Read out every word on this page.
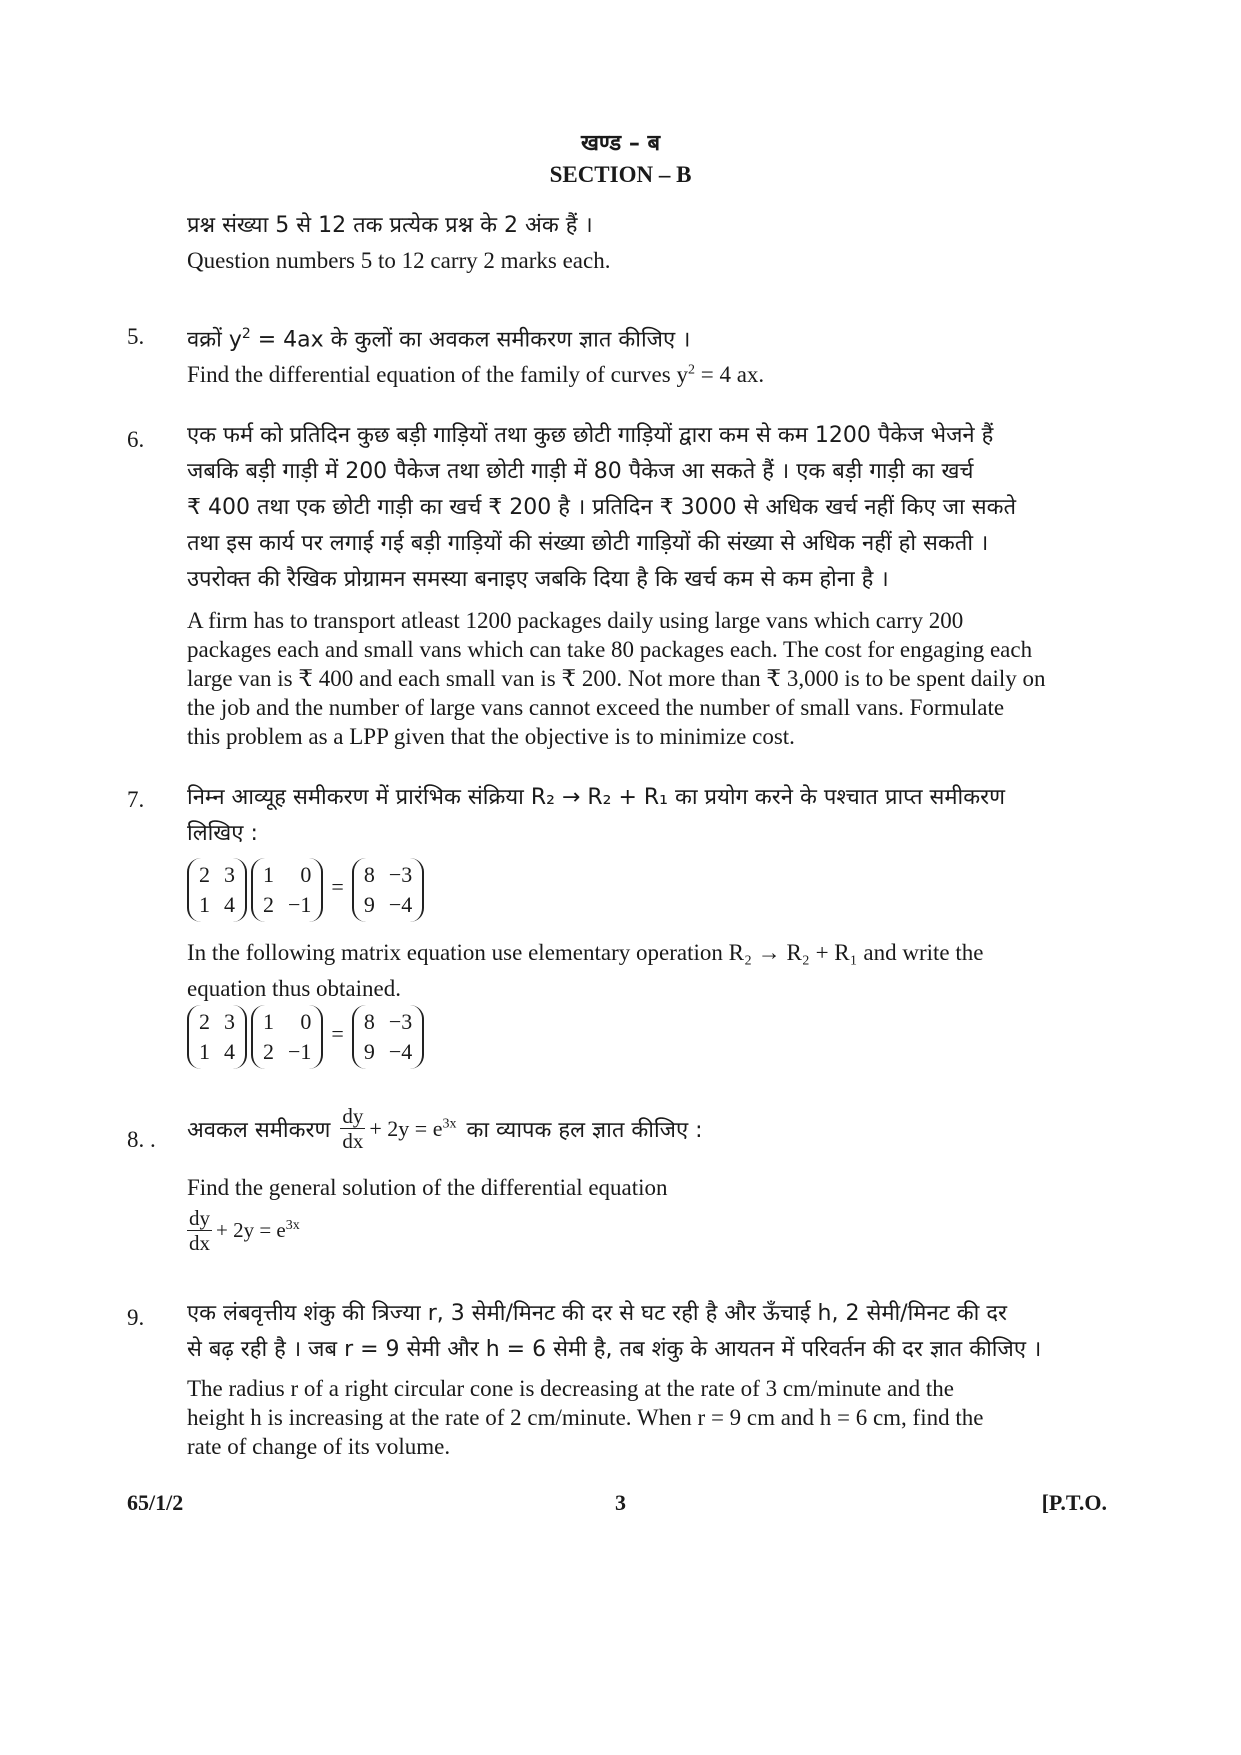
खण्ड – ब
SECTION – B
प्रश्न संख्या 5 से 12 तक प्रत्येक प्रश्न के 2 अंक हैं ।
Question numbers 5 to 12 carry 2 marks each.
5. वक्रों $y^2 = 4ax$ के कुलों का अवकल समीकरण ज्ञात कीजिए ।
Find the differential equation of the family of curves $y^2 = 4$ ax.
6. एक फर्म को प्रतिदिन कुछ बड़ी गाड़ियों तथा कुछ छोटी गाड़ियों द्वारा कम से कम 1200 पैकेज भेजने हैं
जबकि बड़ी गाड़ी में 200 पैकेज तथा छोटी गाड़ी में 80 पैकेज आ सकते हैं । एक बड़ी गाड़ी का खर्च
₹ 400 तथा एक छोटी गाड़ी का खर्च ₹ 200 है । प्रतिदिन ₹ 3000 से अधिक खर्च नहीं किए जा सकते
तथा इस कार्य पर लगाई गई बड़ी गाड़ियों की संख्या छोटी गाड़ियों की संख्या से अधिक नहीं हो सकती ।
उपरोक्त की रैखिक प्रोग्रामन समस्या बनाइए जबकि दिया है कि खर्च कम से कम होना है ।
A firm has to transport atleast 1200 packages daily using large vans which carry 200
packages each and small vans which can take 80 packages each. The cost for engaging each
large van is ₹ 400 and each small van is ₹ 200. Not more than ₹ 3,000 is to be spent daily on
the job and the number of large vans cannot exceed the number of small vans. Formulate
this problem as a LPP given that the objective is to minimize cost.
7. निम्न आव्यूह समीकरण में प्रारंभिक संक्रिया R₂ → R₂ + R₁ का प्रयोग करने के पश्चात प्राप्त समीकरण
लिखिए :
2 3
1 4

1	0
2 −1
= 8 −3
9 −4
In the following matrix equation use elementary operation R₂ → R₂ + R₁ and write the
equation thus obtained.
2 3
1 4

1	0
2 −1
= 8 −3
9 −4
8. . अवकल समीकरण $\frac{dy}{dx} + 2y = e^{3x}$ का व्यापक हल ज्ञात कीजिए :
Find the general solution of the differential equation
$\frac{dy}{dx} + 2y = e^{3x}$
9. एक लंबवृत्तीय शंकु की त्रिज्या r, 3 सेमी/मिनट की दर से घट रही है और ऊँचाई h, 2 सेमी/मिनट की दर
से बढ़ रही है । जब r = 9 सेमी और h = 6 सेमी है, तब शंकु के आयतन में परिवर्तन की दर ज्ञात कीजिए ।
The radius r of a right circular cone is decreasing at the rate of 3 cm/minute and the
height h is increasing at the rate of 2 cm/minute. When r = 9 cm and h = 6 cm, find the
rate of change of its volume.
65/1/2	3	[P.T.O.
